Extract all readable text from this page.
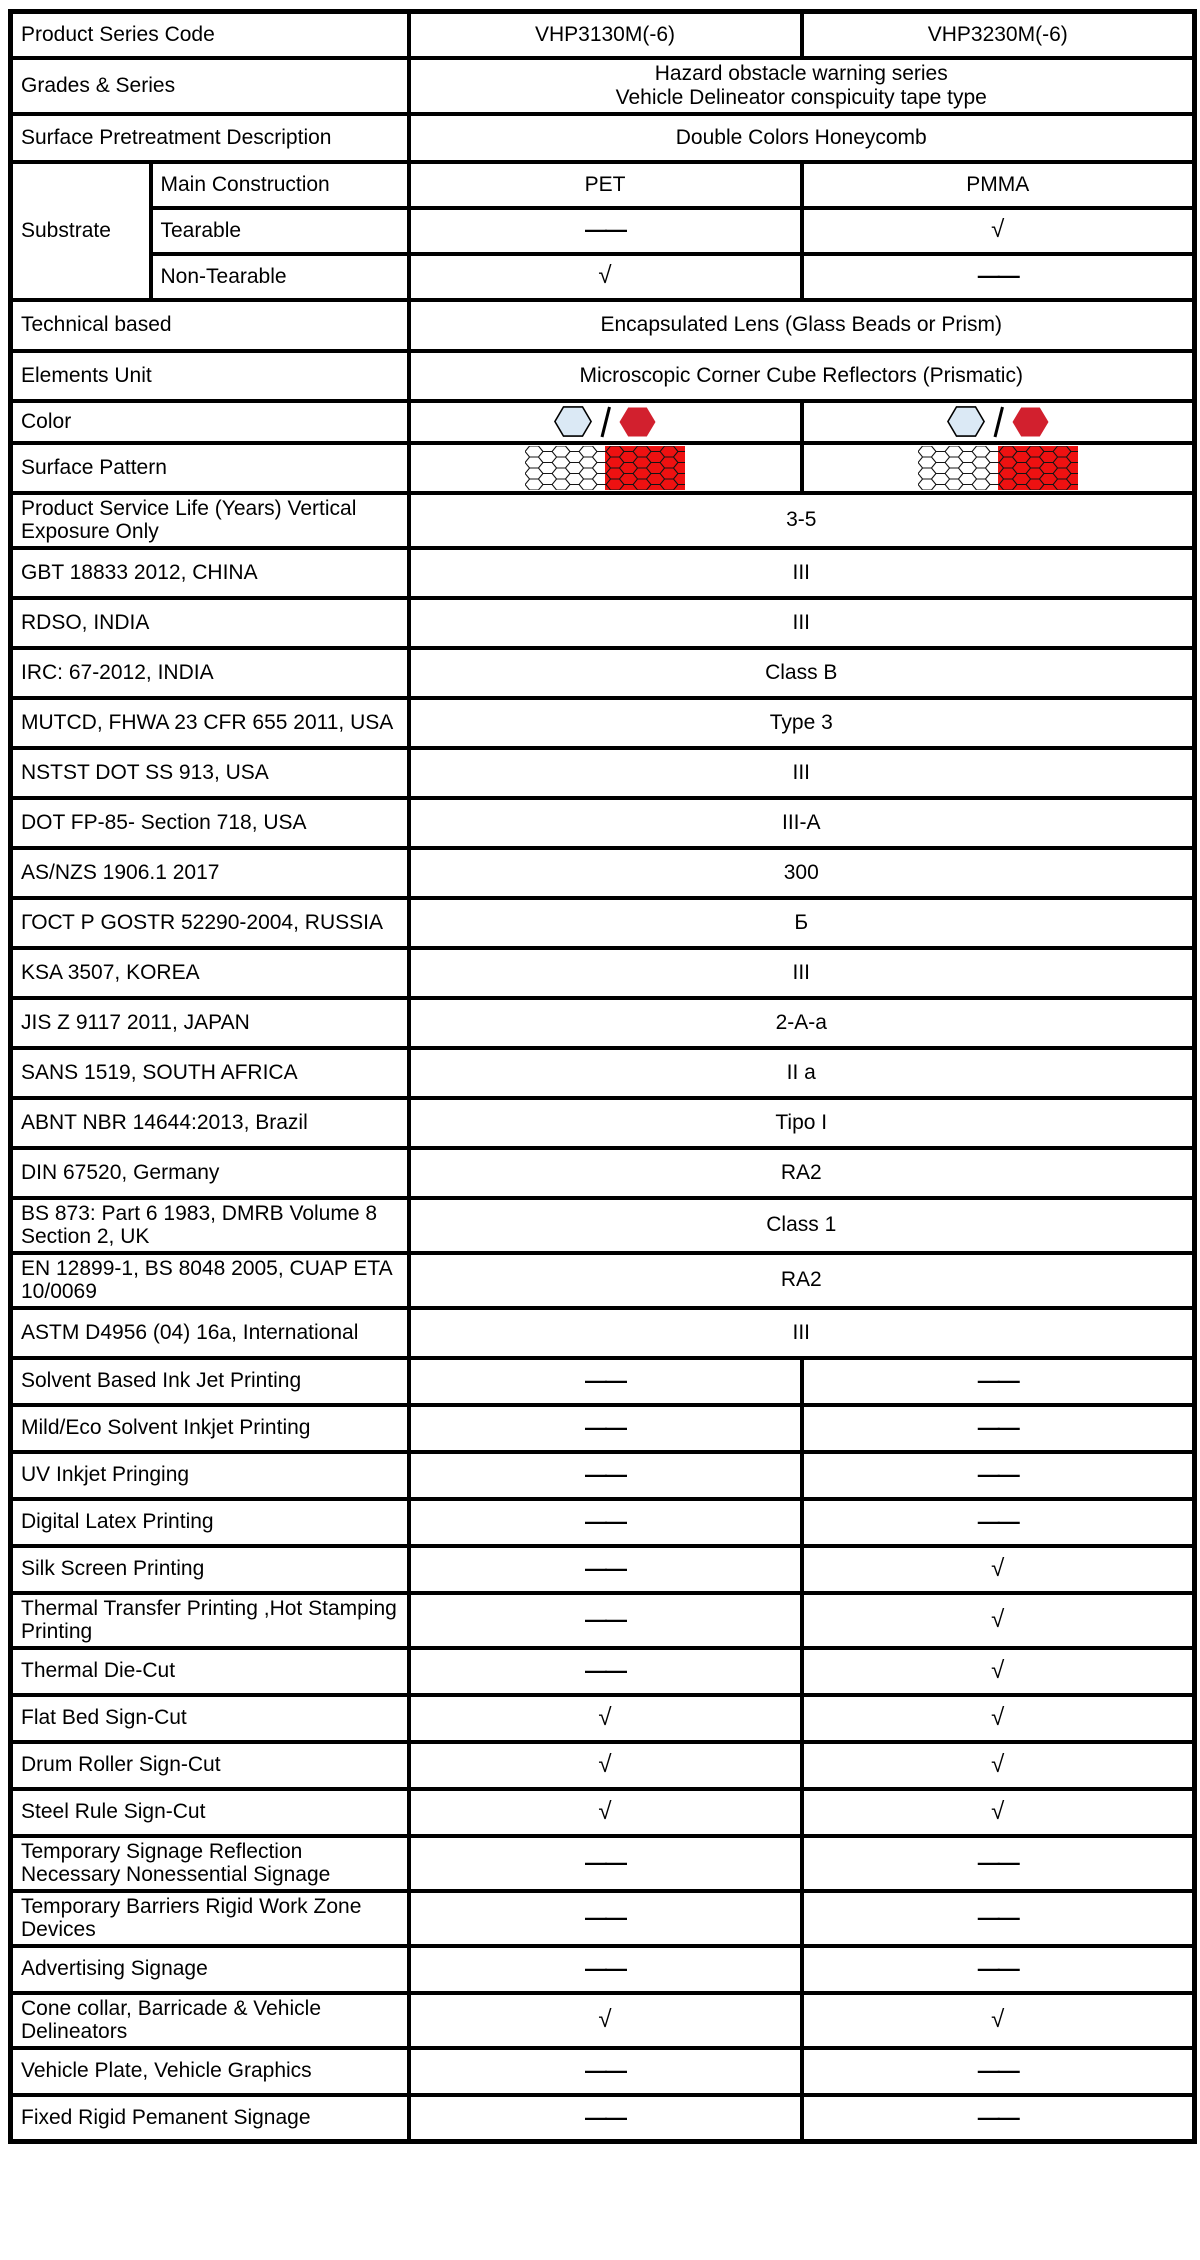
Product Series Code		VHP3130M(-6)	VHP3230M(-6)
Grades & Series		Hazard obstacle warning series
Vehicle Delineator conspicuity tape type	

Surface Pretreatment Description		Double Colors Honeycomb	
Substrate	Main Construction	PET	PMMA
	Tearable	——	√
	Non-Tearable	√	——
Technical based		Encapsulated Lens (Glass Beads or Prism)	
Elements Unit		Microscopic Corner Cube Reflectors (Prismatic)	
Color	

Surface Pattern	

Product Service Life (Years) Vertical Exposure Only		3-5	
GBT 18833 2012, CHINA		III	
RDSO, INDIA		III	
IRC: 67-2012, INDIA		Class B	
MUTCD, FHWA 23 CFR 655 2011, USA		Type 3	
NSTST DOT SS 913, USA		III	
DOT FP-85- Section 718, USA		III-A	
AS/NZS 1906.1 2017		300	
ГОСТ Р GOSTR 52290-2004, RUSSIA		Б	
KSA 3507, KOREA		III	
JIS Z 9117 2011, JAPAN		2-A-a	
SANS 1519, SOUTH AFRICA		II a	
ABNT NBR 14644:2013, Brazil		Tipo I	
DIN 67520, Germany		RA2	
BS 873: Part 6 1983, DMRB Volume 8 Section 2, UK		Class 1	
EN 12899-1, BS 8048 2005, CUAP ETA 10/0069		RA2	
ASTM D4956 (04) 16a, International		III	
Solvent Based Ink Jet Printing		——	——
Mild/Eco Solvent Inkjet Printing		——	——
UV Inkjet Pringing		——	——
Digital Latex Printing		——	——
Silk Screen Printing		——	√
Thermal Transfer Printing ,Hot Stamping Printing		——	√
Thermal Die-Cut		——	√
Flat Bed Sign-Cut		√	√
Drum Roller Sign-Cut		√	√
Steel Rule Sign-Cut		√	√
Temporary Signage Reflection Necessary Nonessential Signage		——	——
Temporary Barriers Rigid Work Zone Devices		——	——
Advertising Signage		——	——
Cone collar, Barricade & Vehicle Delineators		√	√
Vehicle Plate, Vehicle Graphics		——	——
Fixed Rigid Pemanent Signage		——	——
